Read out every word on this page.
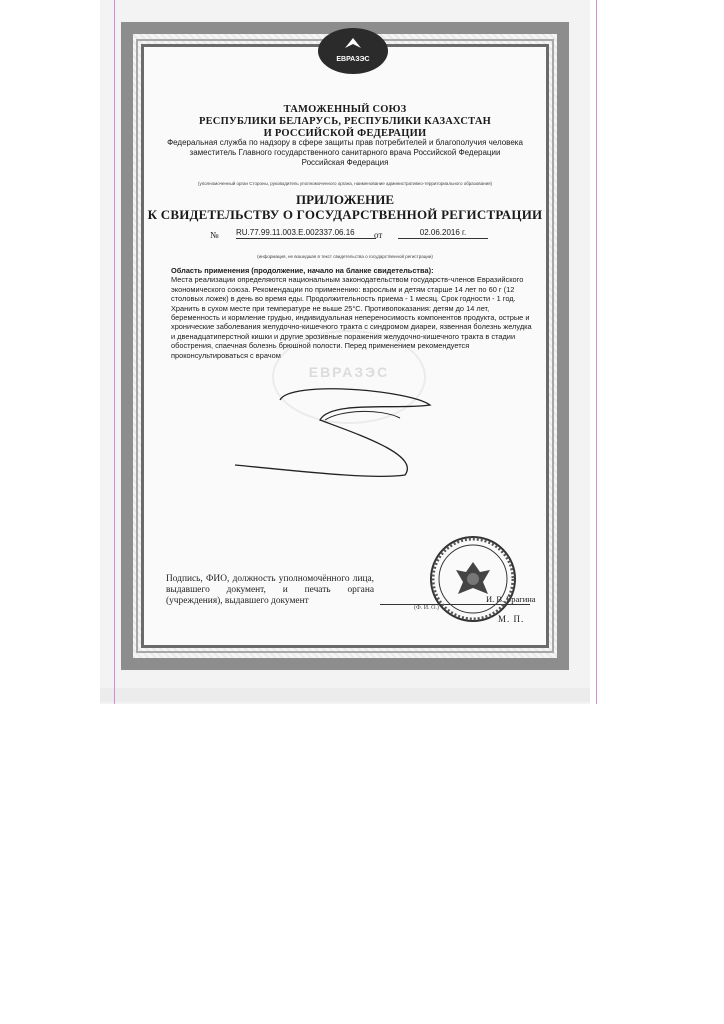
ЕВРАЗЭС
ТАМОЖЕННЫЙ СОЮЗ
РЕСПУБЛИКИ БЕЛАРУСЬ, РЕСПУБЛИКИ КАЗАХСТАН
И РОССИЙСКОЙ ФЕДЕРАЦИИ
Федеральная служба по надзору в сфере защиты прав потребителей и благополучия человека
заместитель Главного государственного санитарного врача Российской Федерации
Российская Федерация
(уполномоченный орган Стороны, руководитель уполномоченного органа, наименование административно-территориального образования)
ПРИЛОЖЕНИЕ
К СВИДЕТЕЛЬСТВУ О ГОСУДАРСТВЕННОЙ РЕГИСТРАЦИИ
№ RU.77.99.11.003.E.002337.06.16	от	02.06.2016 г.
(информация, не вошедшая в текст свидетельства о государственной регистрации)
Область применения (продолжение, начало на бланке свидетельства):
Места реализации определяются национальным законодательством государств-членов Евразийского экономического союза. Рекомендации по применению: взрослым и детям старше 14 лет по 60 г (12 столовых ложек) в день во время еды. Продолжительность приема - 1 месяц. Срок годности - 1 год. Хранить в сухом месте при температуре не выше 25°С. Противопоказания: детям до 14 лет, беременность и кормление грудью, индивидуальная непереносимость компонентов продукта, острые и хронические заболевания желудочно-кишечного тракта с синдромом диареи, язвенная болезнь желудка и двенадцатиперстной кишки и другие эрозивные поражения желудочно-кишечного тракта в стадии обострения, спаечная болезнь брюшной полости. Перед применением рекомендуется проконсультироваться с врачом
ЕВРАЗЭС
Подпись, ФИО, должность уполномочённого лица, выдавшего документ, и печать органа (учреждения), выдавшего документ
(Ф. И. О.)
И. В. Брагина
М. П.
